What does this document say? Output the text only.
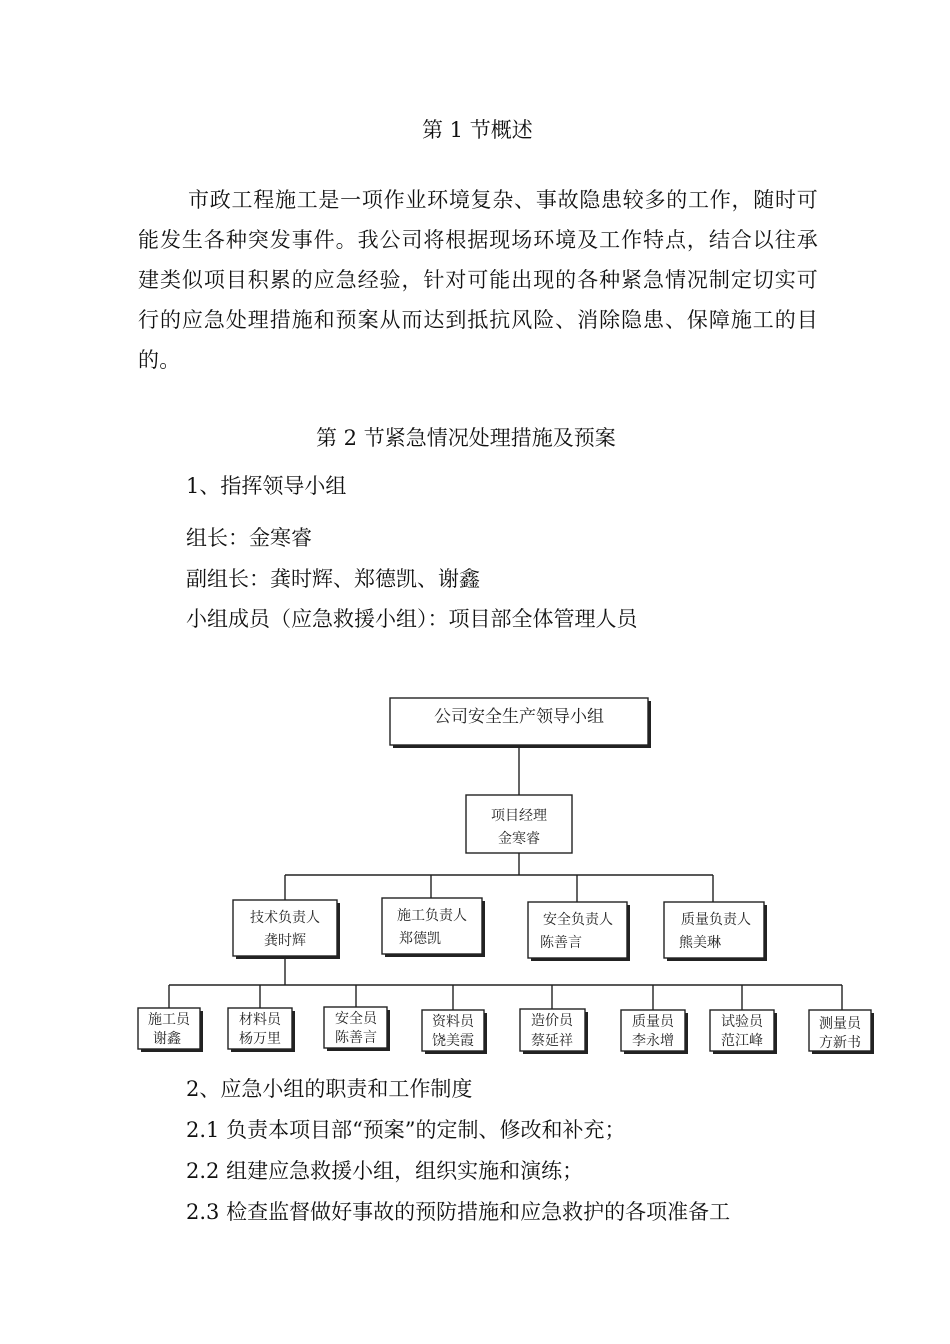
第 1 节概述
市政工程施工是一项作业环境复杂、事故隐患较多的工作，随时可能发生各种突发事件。我公司将根据现场环境及工作特点，结合以往承建类似项目积累的应急经验，针对可能出现的各种紧急情况制定切实可行的应急处理措施和预案从而达到抵抗风险、消除隐患、保障施工的目的。
第 2 节紧急情况处理措施及预案
1、指挥领导小组
组长：金寒睿
副组长：龚时辉、郑德凯、谢鑫
小组成员（应急救援小组）：项目部全体管理人员
公司安全生产领导小组
项目经理
金寒睿
技术负责人
龚时辉
施工负责人
郑德凯
安全负责人
陈善言
质量负责人
熊美琳
施工员
谢鑫
材料员
杨万里
安全员
陈善言
资料员
饶美霞
造价员
蔡延祥
质量员
李永增
试验员
范江峰
测量员
方新书
2、应急小组的职责和工作制度
2.1 负责本项目部“预案”的定制、修改和补充；
2.2 组建应急救援小组，组织实施和演练；
2.3 检查监督做好事故的预防措施和应急救护的各项准备工
